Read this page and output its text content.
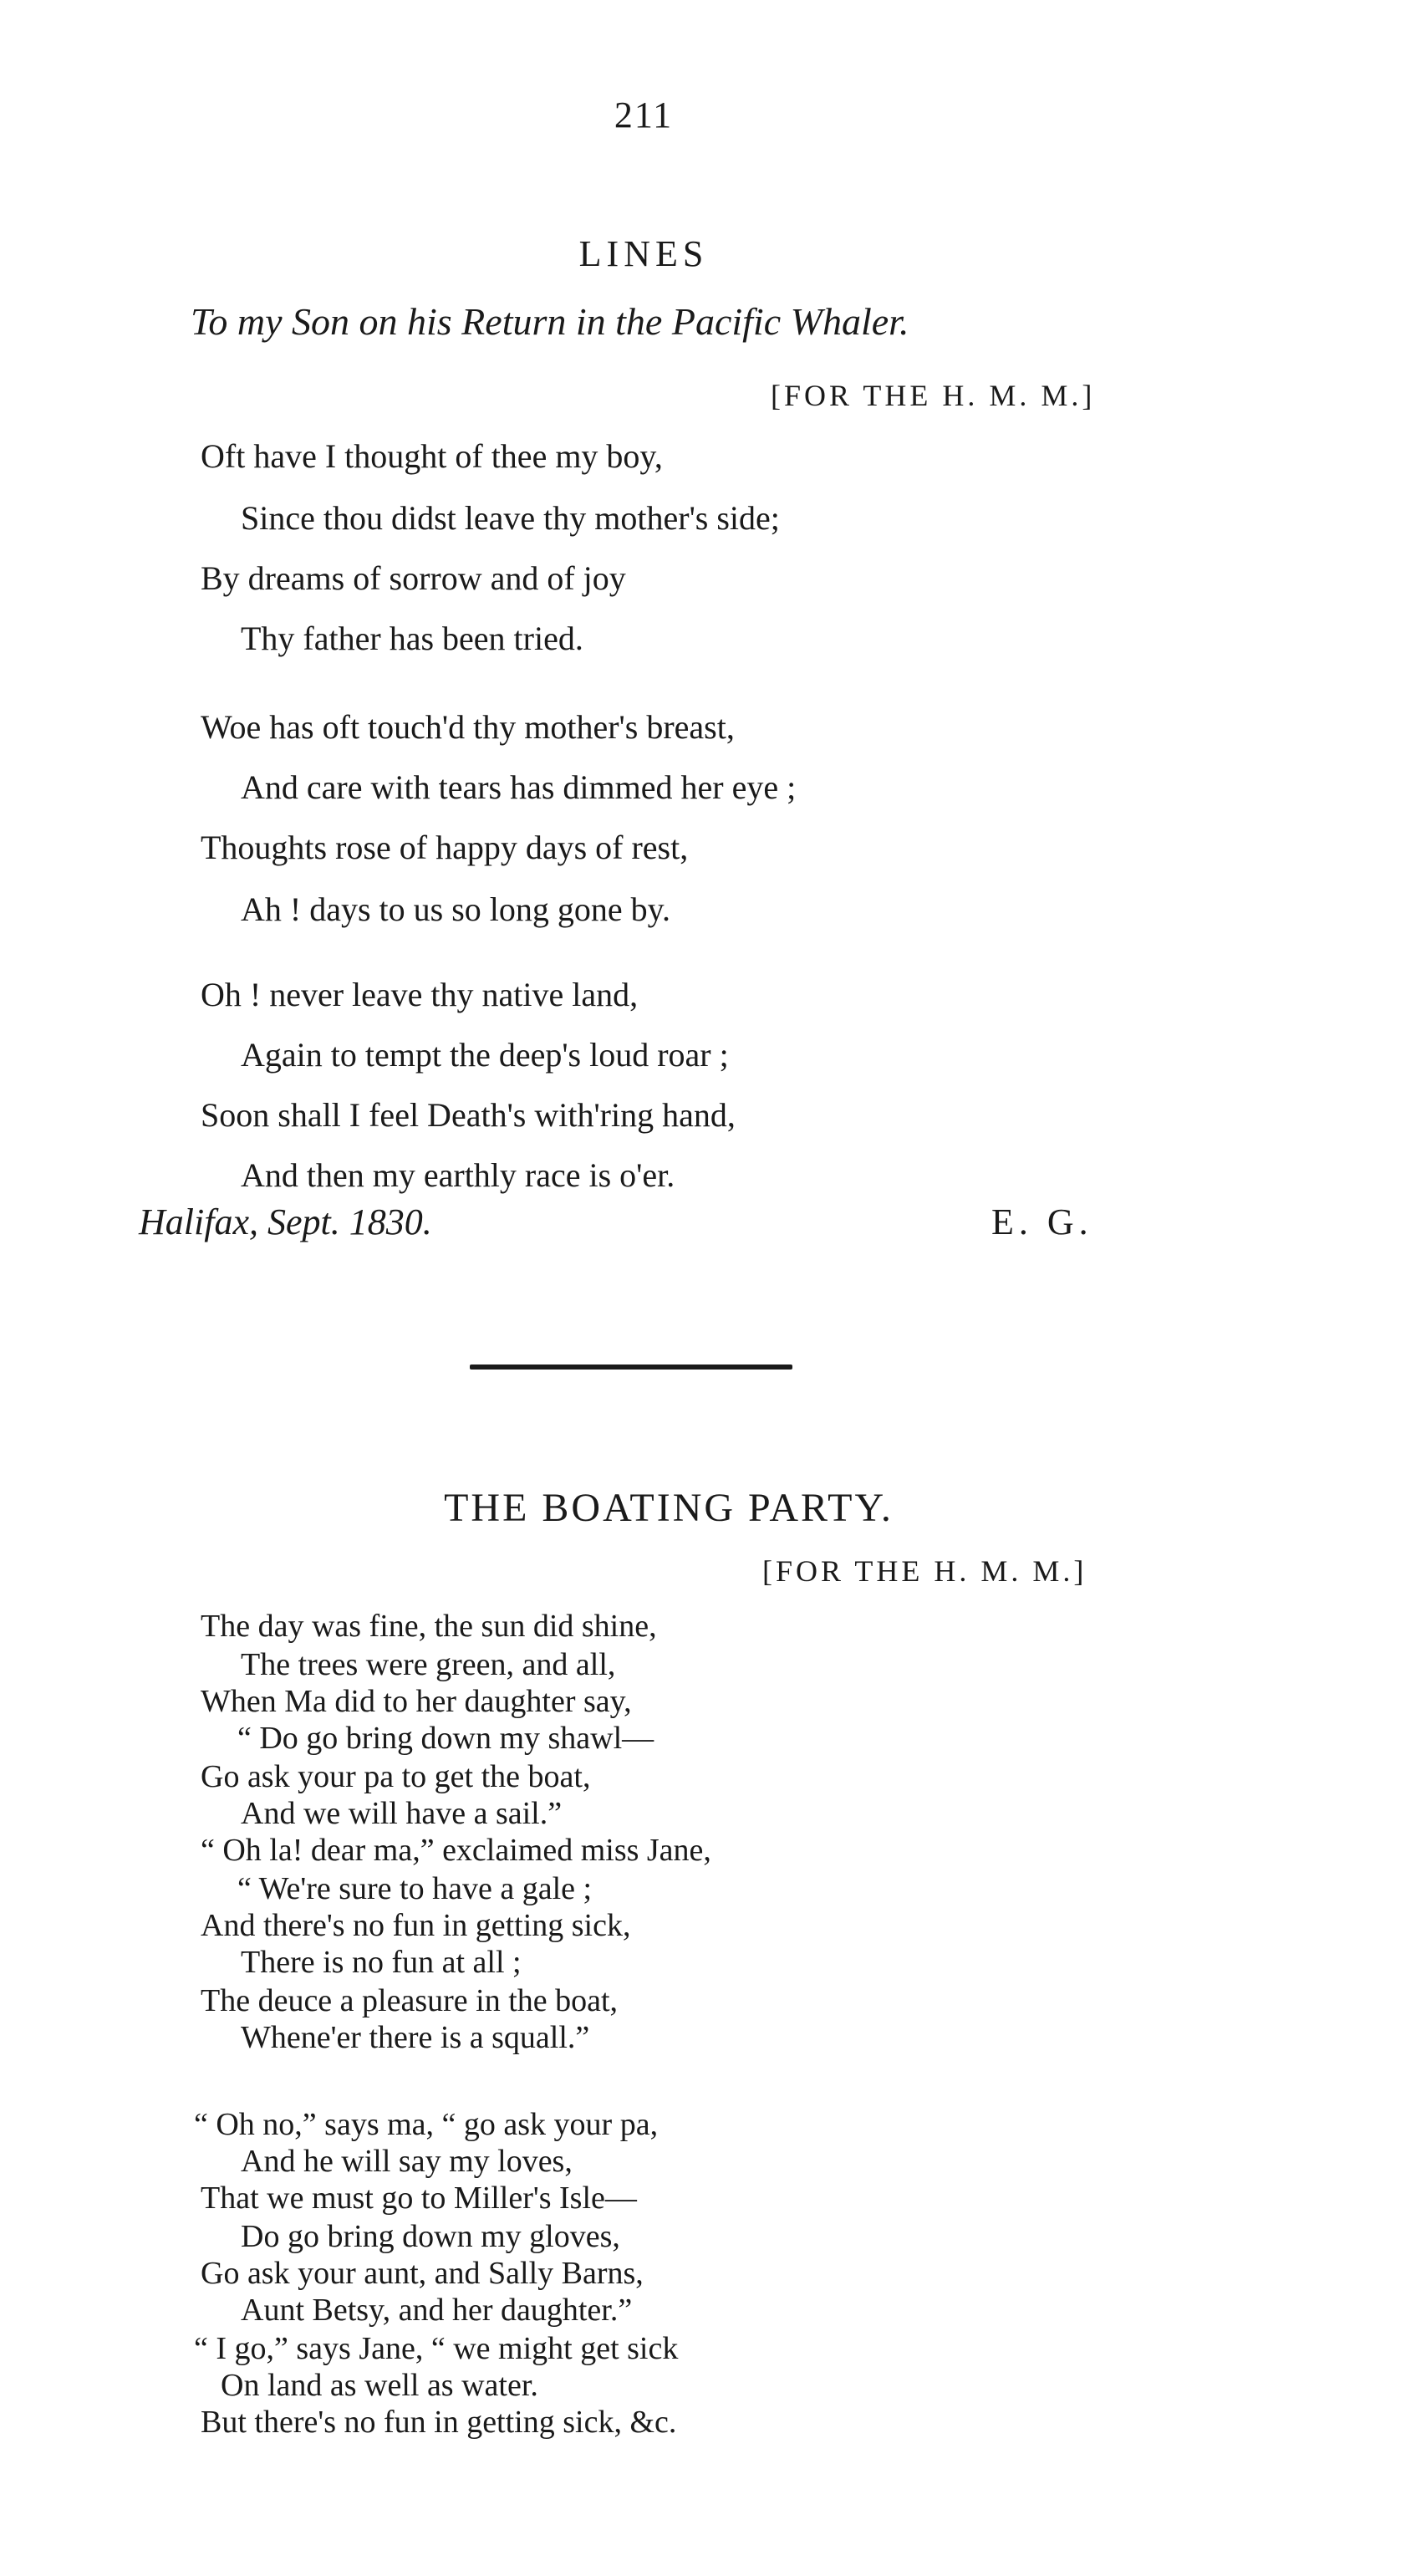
211
LINES
To my Son on his Return in the Pacific Whaler.
[FOR THE H. M. M.]
Oft have I thought of thee my boy,
Since thou didst leave thy mother's side;
By dreams of sorrow and of joy
Thy father has been tried.
Woe has oft touch'd thy mother's breast,
And care with tears has dimmed her eye ;
Thoughts rose of happy days of rest,
Ah ! days to us so long gone by.
Oh ! never leave thy native land,
Again to tempt the deep's loud roar ;
Soon shall I feel Death's with'ring hand,
And then my earthly race is o'er.
Halifax, Sept. 1830.	E. G.
THE BOATING PARTY.
[FOR THE H. M. M.]
The day was fine, the sun did shine,
The trees were green, and all,
When Ma did to her daughter say,
“ Do go bring down my shawl—
Go ask your pa to get the boat,
And we will have a sail.”
“ Oh la! dear ma,” exclaimed miss Jane,
“ We're sure to have a gale ;
And there's no fun in getting sick,
There is no fun at all ;
The deuce a pleasure in the boat,
Whene'er there is a squall.”
“ Oh no,” says ma, “ go ask your pa,
And he will say my loves,
That we must go to Miller's Isle—
Do go bring down my gloves,
Go ask your aunt, and Sally Barns,
Aunt Betsy, and her daughter.”
“ I go,” says Jane, “ we might get sick
On land as well as water.
But there's no fun in getting sick, &c.
